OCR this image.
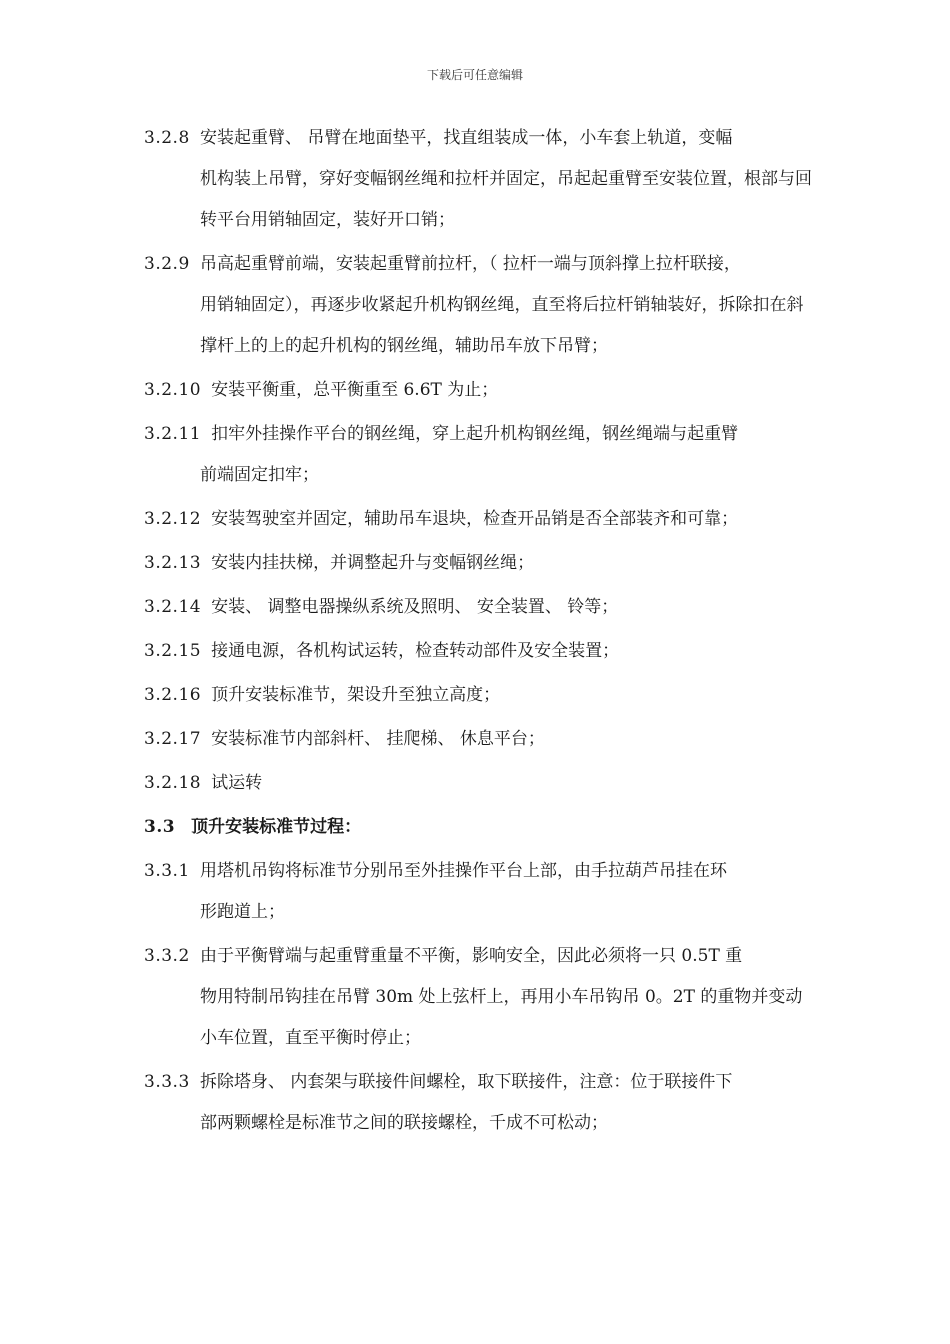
下载后可任意编辑
3.2.8 安装起重臂、 吊臂在地面垫平，找直组装成一体，小车套上轨道，变幅
机构装上吊臂，穿好变幅钢丝绳和拉杆并固定，吊起起重臂至安装位置，根部与回转平台用销轴固定，装好开口销；
3.2.9 吊高起重臂前端，安装起重臂前拉杆，（ 拉杆一端与顶斜撑上拉杆联接，
用销轴固定），再逐步收紧起升机构钢丝绳，直至将后拉杆销轴装好，拆除扣在斜撑杆上的上的起升机构的钢丝绳，辅助吊车放下吊臂；
3.2.10 安装平衡重，总平衡重至 6.6T 为止；
3.2.11 扣牢外挂操作平台的钢丝绳，穿上起升机构钢丝绳，钢丝绳端与起重臂
前端固定扣牢；
3.2.12 安装驾驶室并固定，辅助吊车退块，检查开品销是否全部装齐和可靠；
3.2.13 安装内挂扶梯，并调整起升与变幅钢丝绳；
3.2.14 安装、 调整电器操纵系统及照明、 安全装置、 铃等；
3.2.15 接通电源，各机构试运转，检查转动部件及安全装置；
3.2.16 顶升安装标准节，架设升至独立高度；
3.2.17 安装标准节内部斜杆、 挂爬梯、 休息平台；
3.2.18 试运转
3.3 顶升安装标准节过程：
3.3.1 用塔机吊钩将标准节分别吊至外挂操作平台上部，由手拉葫芦吊挂在环
形跑道上；
3.3.2 由于平衡臂端与起重臂重量不平衡，影响安全，因此必须将一只 0.5T 重
物用特制吊钩挂在吊臂 30m 处上弦杆上，再用小车吊钩吊 0。2T 的重物并变动小车位置，直至平衡时停止；
3.3.3 拆除塔身、 内套架与联接件间螺栓，取下联接件，注意：位于联接件下
部两颗螺栓是标准节之间的联接螺栓，千成不可松动；
